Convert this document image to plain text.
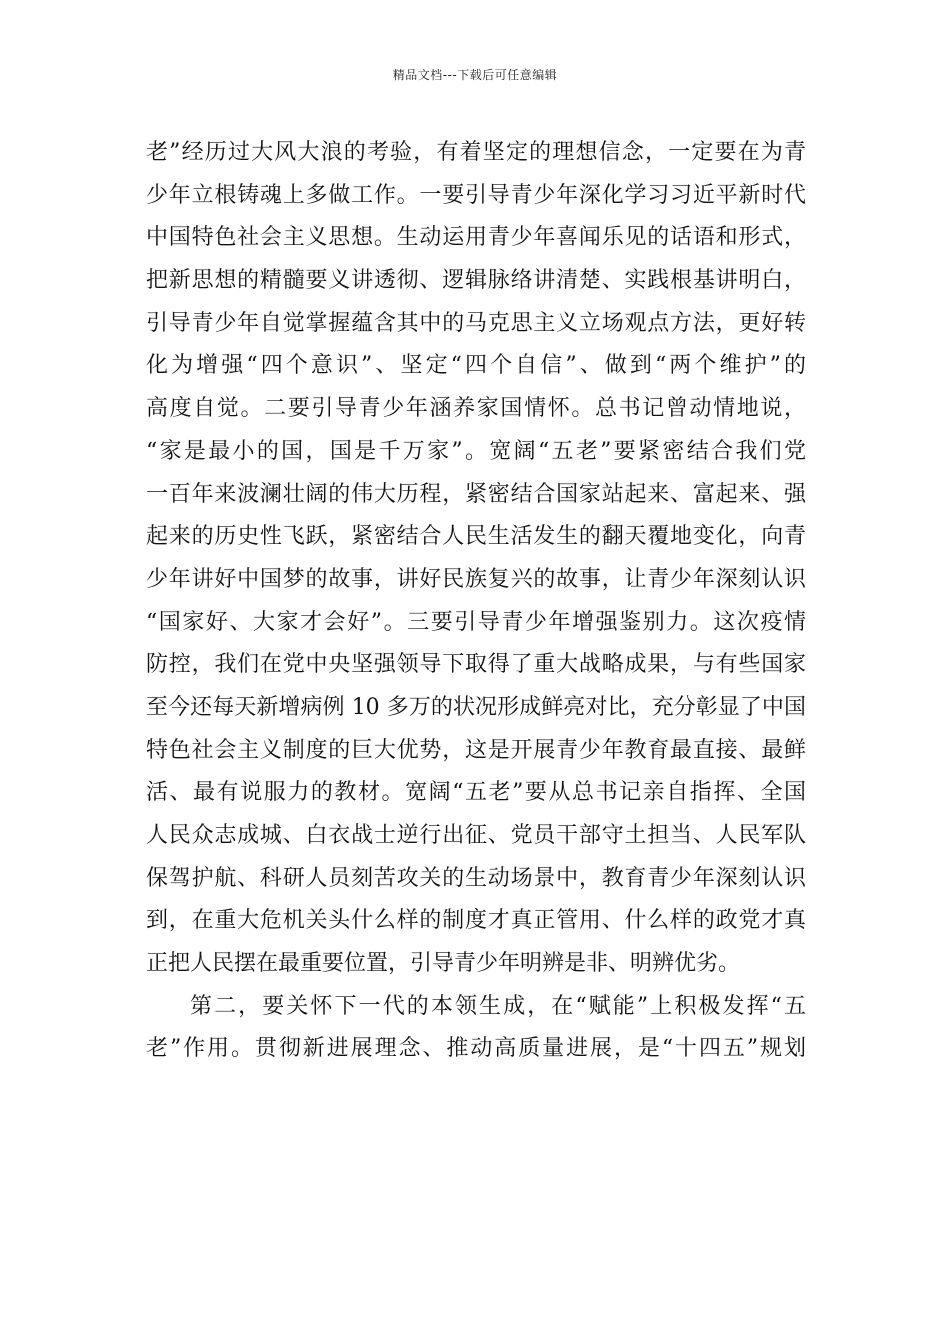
精品文档---下载后可任意编辑
老”经历过大风大浪的考验，有着坚定的理想信念，一定要在为青
少年立根铸魂上多做工作。一要引导青少年深化学习习近平新时代
中国特色社会主义思想。生动运用青少年喜闻乐见的话语和形式，
把新思想的精髓要义讲透彻、逻辑脉络讲清楚、实践根基讲明白，
引导青少年自觉掌握蕴含其中的马克思主义立场观点方法，更好转
化为增强“四个意识”、坚定“四个自信”、做到“两个维护”的
高度自觉。二要引导青少年涵养家国情怀。总书记曾动情地说，
“家是最小的国，国是千万家”。宽阔“五老”要紧密结合我们党
一百年来波澜壮阔的伟大历程，紧密结合国家站起来、富起来、强
起来的历史性飞跃，紧密结合人民生活发生的翻天覆地变化，向青
少年讲好中国梦的故事，讲好民族复兴的故事，让青少年深刻认识
“国家好、大家才会好”。三要引导青少年增强鉴别力。这次疫情
防控，我们在党中央坚强领导下取得了重大战略成果，与有些国家
至今还每天新增病例 10 多万的状况形成鲜亮对比，充分彰显了中国
特色社会主义制度的巨大优势，这是开展青少年教育最直接、最鲜
活、最有说服力的教材。宽阔“五老”要从总书记亲自指挥、全国
人民众志成城、白衣战士逆行出征、党员干部守土担当、人民军队
保驾护航、科研人员刻苦攻关的生动场景中，教育青少年深刻认识
到，在重大危机关头什么样的制度才真正管用、什么样的政党才真
正把人民摆在最重要位置，引导青少年明辨是非、明辨优劣。
第二，要关怀下一代的本领生成，在“赋能”上积极发挥“五
老”作用。贯彻新进展理念、推动高质量进展，是“十四五”规划
